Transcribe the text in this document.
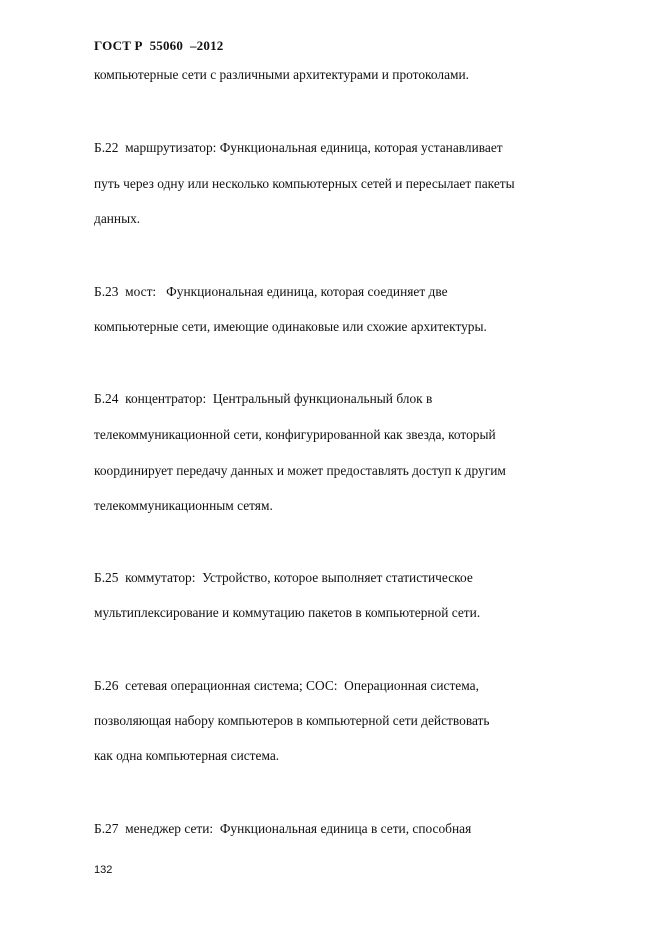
ГОСТ Р  55060  –2012
компьютерные сети с различными архитектурами и протоколами.
Б.22  маршрутизатор: Функциональная единица, которая устанавливает
путь через одну или несколько компьютерных сетей и пересылает пакеты
данных.
Б.23  мост:   Функциональная единица, которая соединяет две
компьютерные сети, имеющие одинаковые или схожие архитектуры.
Б.24  концентратор:  Центральный функциональный блок в
телекоммуникационной сети, конфигурированной как звезда, который
координирует передачу данных и может предоставлять доступ к другим
телекоммуникационным сетям.
Б.25  коммутатор:  Устройство, которое выполняет статистическое
мультиплексирование и коммутацию пакетов в компьютерной сети.
Б.26  сетевая операционная система; СОС:  Операционная система,
позволяющая набору компьютеров в компьютерной сети действовать
как одна компьютерная система.
Б.27  менеджер сети:  Функциональная единица в сети, способная
132
